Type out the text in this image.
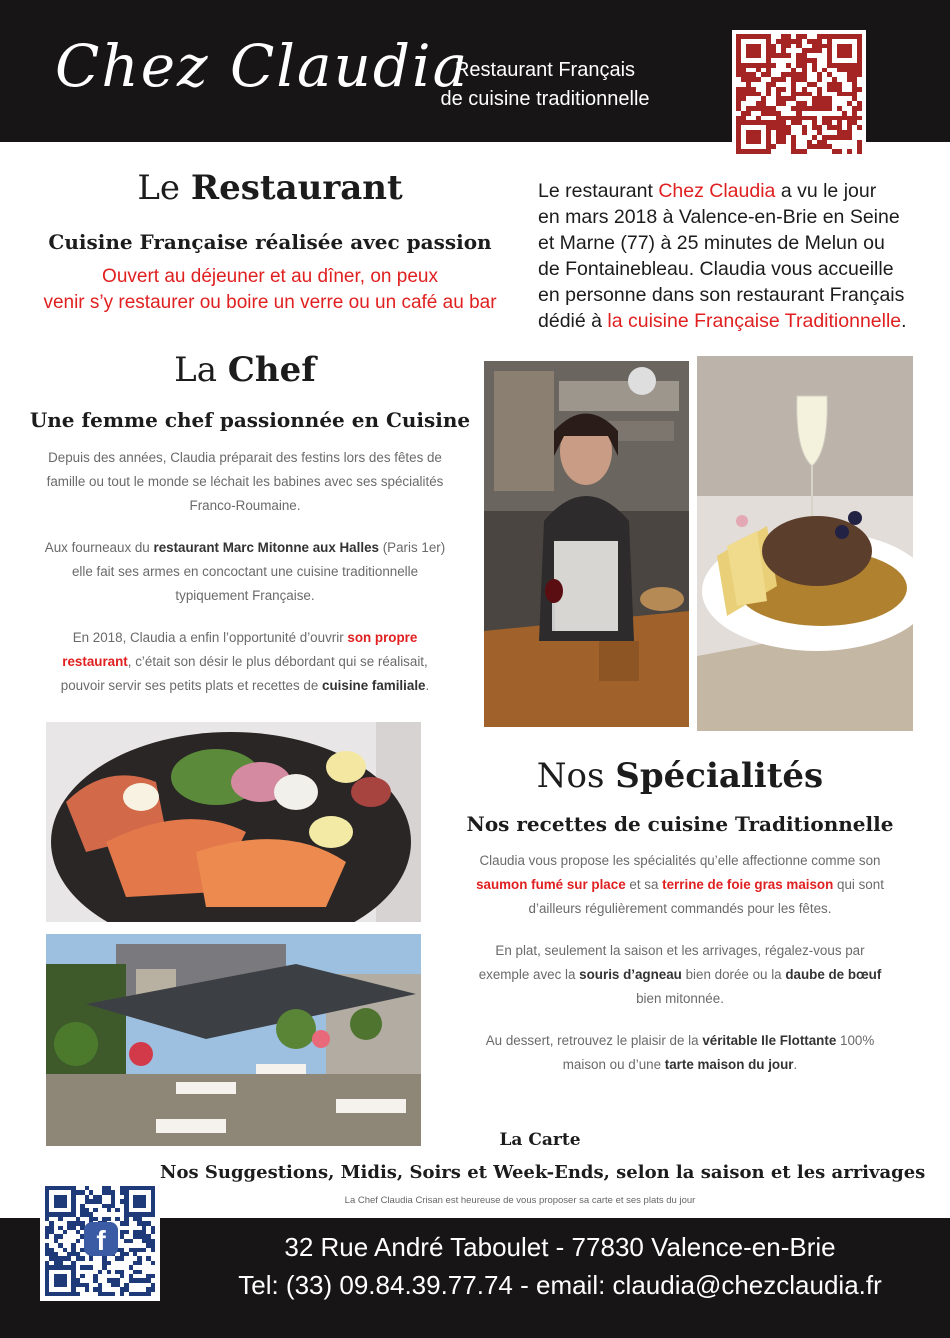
Chez Claudia
Restaurant Français
de cuisine traditionnelle
Le Restaurant
Cuisine Française réalisée avec passion
Ouvert au déjeuner et au dîner, on peux
venir s’y restaurer ou boire un verre ou un café au bar
Le restaurant Chez Claudia a vu le jour
en mars 2018 à Valence-en-Brie en Seine
et Marne (77) à 25 minutes de Melun ou
de Fontainebleau. Claudia vous accueille
en personne dans son restaurant Français
dédié à la cuisine Française Traditionnelle.
La Chef
Une femme chef passionnée en Cuisine
Depuis des années, Claudia préparait des festins lors des fêtes de
famille ou tout le monde se léchait les babines avec ses spécialités
Franco-Roumaine.
Aux fourneaux du restaurant Marc Mitonne aux Halles (Paris 1er)
elle fait ses armes en concoctant une cuisine traditionnelle
typiquement Française.
En 2018, Claudia a enfin l’opportunité d’ouvrir son propre
restaurant, c’était son désir le plus débordant qui se réalisait,
pouvoir servir ses petits plats et recettes de cuisine familiale.
Nos Spécialités
Nos recettes de cuisine Traditionnelle
Claudia vous propose les spécialités qu’elle affectionne comme son
saumon fumé sur place et sa terrine de foie gras maison qui sont
d’ailleurs régulièrement commandés pour les fêtes.
En plat, seulement la saison et les arrivages, régalez-vous par
exemple avec la souris d’agneau bien dorée ou la daube de bœuf
bien mitonnée.
Au dessert, retrouvez le plaisir de la véritable Ile Flottante 100%
maison ou d’une tarte maison du jour.
La Carte
Nos Suggestions, Midis, Soirs et Week-Ends, selon la saison et les arrivages
La Chef Claudia Crisan est heureuse de vous proposer sa carte et ses plats du jour
f	32 Rue André Taboulet - 77830 Valence-en-Brie
Tel: (33) 09.84.39.77.74 - email: claudia@chezclaudia.fr
